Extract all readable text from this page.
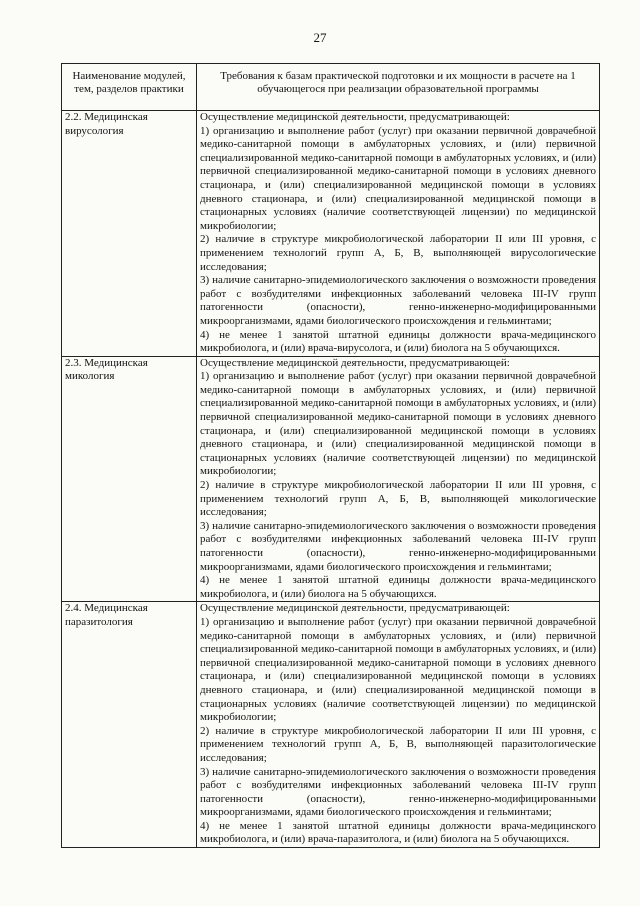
27
Наименование модулей, тем, разделов практики	Требования к базам практической подготовки и их мощности в расчете на 1 обучающегося при реализации образовательной программы
2.2. Медицинская вирусология	Осуществление медицинской деятельности, предусматривающей:

1) организацию и выполнение работ (услуг) при оказании первичной доврачебной медико-санитарной помощи в амбулаторных условиях, и (или) первичной специализированной медико-санитарной помощи в амбулаторных условиях, и (или) первичной специализированной медико-санитарной помощи в условиях дневного стационара, и (или) специализированной медицинской помощи в условиях дневного стационара, и (или) специализированной медицинской помощи в стационарных условиях (наличие соответствующей лицензии) по медицинской микробиологии;

2) наличие в структуре микробиологической лаборатории II или III уровня, с применением технологий групп А, Б, В, выполняющей вирусологические исследования;

3) наличие санитарно-эпидемиологического заключения о возможности проведения работ с возбудителями инфекционных заболеваний человека III-IV групп патогенности (опасности), генно-инженерно-модифицированными микроорганизмами, ядами биологического происхождения и гельминтами;

4) не менее 1 занятой штатной единицы должности врача-медицинского микробиолога, и (или) врача-вирусолога, и (или) биолога на 5 обучающихся.

2.3. Медицинская микология	Осуществление медицинской деятельности, предусматривающей:

1) организацию и выполнение работ (услуг) при оказании первичной доврачебной медико-санитарной помощи в амбулаторных условиях, и (или) первичной специализированной медико-санитарной помощи в амбулаторных условиях, и (или) первичной специализированной медико-санитарной помощи в условиях дневного стационара, и (или) специализированной медицинской помощи в условиях дневного стационара, и (или) специализированной медицинской помощи в стационарных условиях (наличие соответствующей лицензии) по медицинской микробиологии;

2) наличие в структуре микробиологической лаборатории II или III уровня, с применением технологий групп А, Б, В, выполняющей микологические исследования;

3) наличие санитарно-эпидемиологического заключения о возможности проведения работ с возбудителями инфекционных заболеваний человека III-IV групп патогенности (опасности), генно-инженерно-модифицированными микроорганизмами, ядами биологического происхождения и гельминтами;

4) не менее 1 занятой штатной единицы должности врача-медицинского микробиолога, и (или) биолога на 5 обучающихся.

2.4. Медицинская паразитология	Осуществление медицинской деятельности, предусматривающей:

1) организацию и выполнение работ (услуг) при оказании первичной доврачебной медико-санитарной помощи в амбулаторных условиях, и (или) первичной специализированной медико-санитарной помощи в амбулаторных условиях, и (или) первичной специализированной медико-санитарной помощи в условиях дневного стационара, и (или) специализированной медицинской помощи в условиях дневного стационара, и (или) специализированной медицинской помощи в стационарных условиях (наличие соответствующей лицензии) по медицинской микробиологии;

2) наличие в структуре микробиологической лаборатории II или III уровня, с применением технологий групп А, Б, В, выполняющей паразитологические исследования;

3) наличие санитарно-эпидемиологического заключения о возможности проведения работ с возбудителями инфекционных заболеваний человека III-IV групп патогенности (опасности), генно-инженерно-модифицированными микроорганизмами, ядами биологического происхождения и гельминтами;

4) не менее 1 занятой штатной единицы должности врача-медицинского микробиолога, и (или) врача-паразитолога, и (или) биолога на 5 обучающихся.
